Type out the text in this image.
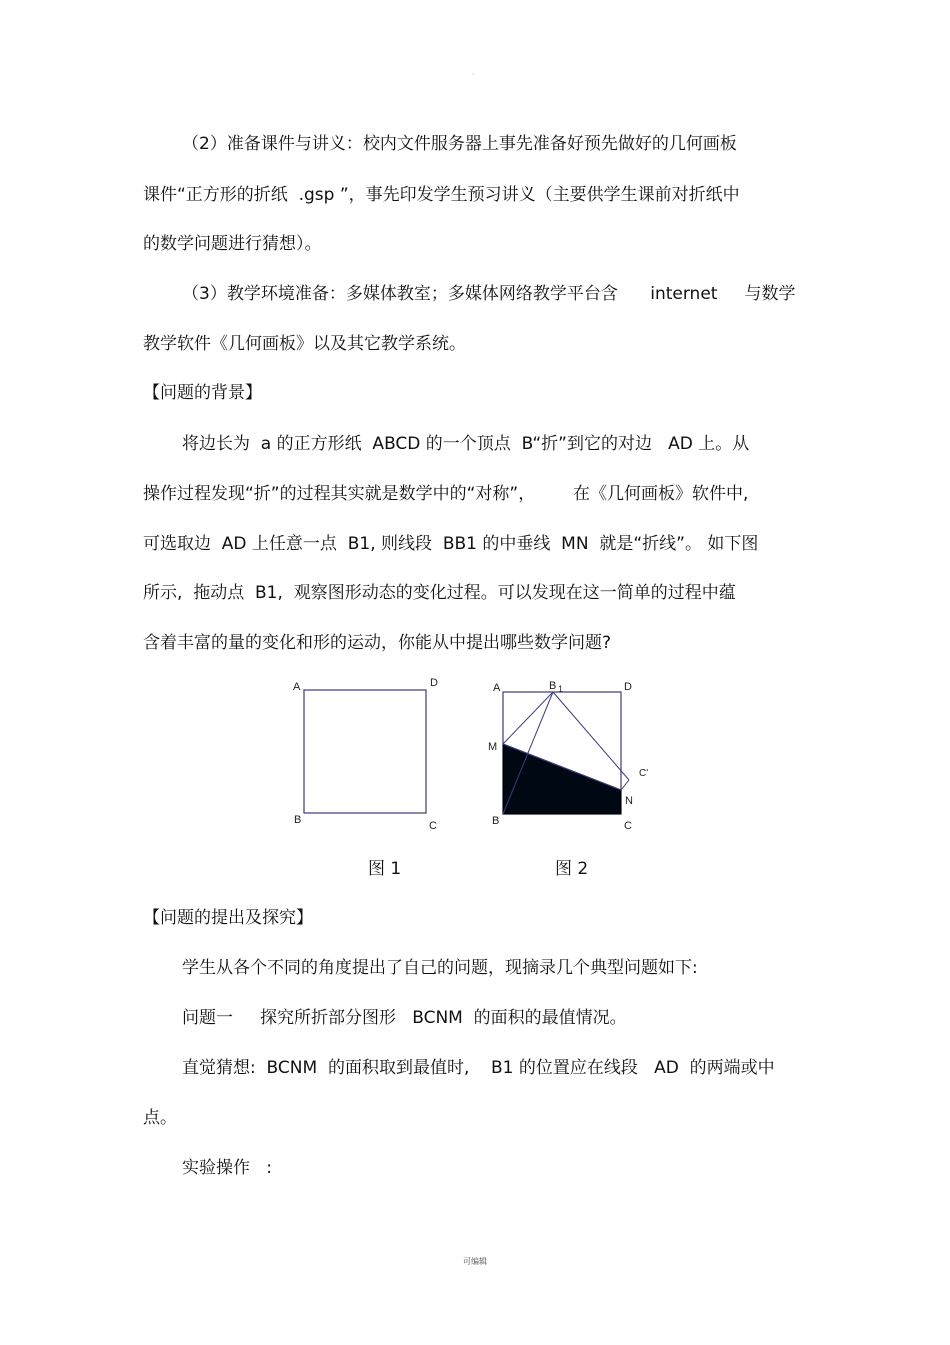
·
（2）准备课件与讲义：校内文件服务器上事先准备好预先做好的几何画板
课件“正方形的折纸  .gsp ”，事先印发学生预习讲义（主要供学生课前对折纸中
的数学问题进行猜想）。
（3）教学环境准备：多媒体教室；多媒体网络教学平台含      internet     与数学
教学软件《几何画板》以及其它教学系统。
【问题的背景】
将边长为  a 的正方形纸  ABCD 的一个顶点  B“折”到它的对边   AD 上。从
操作过程发现“折”的过程其实就是数学中的“对称”，       在《几何画板》软件中,
可选取边  AD 上任意一点  B1, 则线段  BB1 的中垂线  MN  就是“折线”。 如下图
所示,  拖动点  B1,  观察图形动态的变化过程。可以发现在这一简单的过程中蕴
含着丰富的量的变化和形的运动，你能从中提出哪些数学问题?
A	D
B	C
A	B 1	D
M
C'
N
B	C
图 1	图 2
【问题的提出及探究】
学生从各个不同的角度提出了自己的问题，现摘录几个典型问题如下:
问题一     探究所折部分图形   BCNM  的面积的最值情况。
直觉猜想:  BCNM  的面积取到最值时,    B1 的位置应在线段   AD  的两端或中
点。
实验操作   :
可编辑
